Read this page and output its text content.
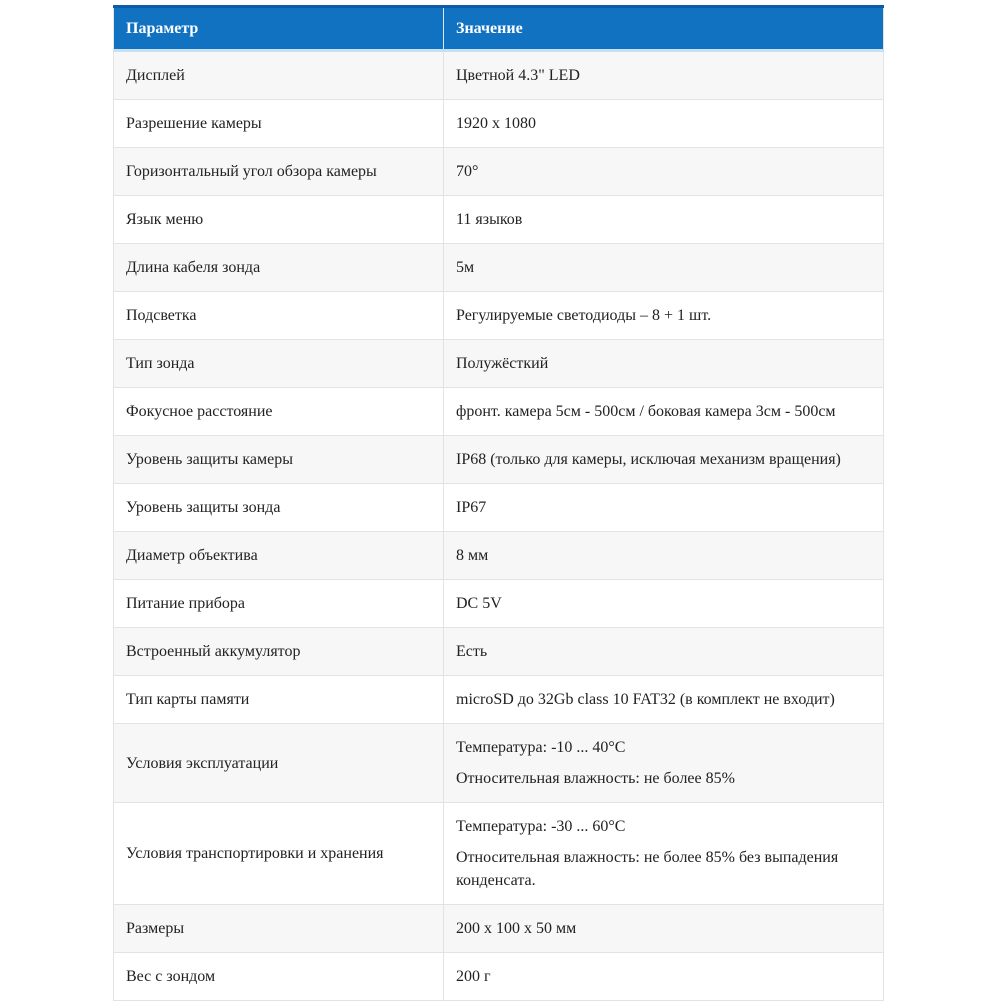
Параметр	Значение
Дисплей	Цветной 4.3" LED

Разрешение камеры	1920 x 1080

Горизонтальный угол обзора камеры	70°

Язык меню	11 языков

Длина кабеля зонда	5м

Подсветка	Регулируемые светодиоды – 8 + 1 шт.

Тип зонда	Полужёсткий

Фокусное расстояние	фронт. камера 5см - 500см / боковая камера 3см - 500см

Уровень защиты камеры	IP68 (только для камеры, исключая механизм вращения)

Уровень защиты зонда	IP67

Диаметр объектива	8 мм

Питание прибора	DC 5V

Встроенный аккумулятор	Есть

Тип карты памяти	microSD до 32Gb class 10 FAT32 (в комплект не входит)

Условия эксплуатации	Температура: -10 ... 40°C
Относительная влажность: не более 85%

Условия транспортировки и хранения	Температура: -30 ... 60°C
Относительная влажность: не более 85% без выпадения конденсата.

Размеры	200 x 100 x 50 мм

Вес с зондом	200 г
